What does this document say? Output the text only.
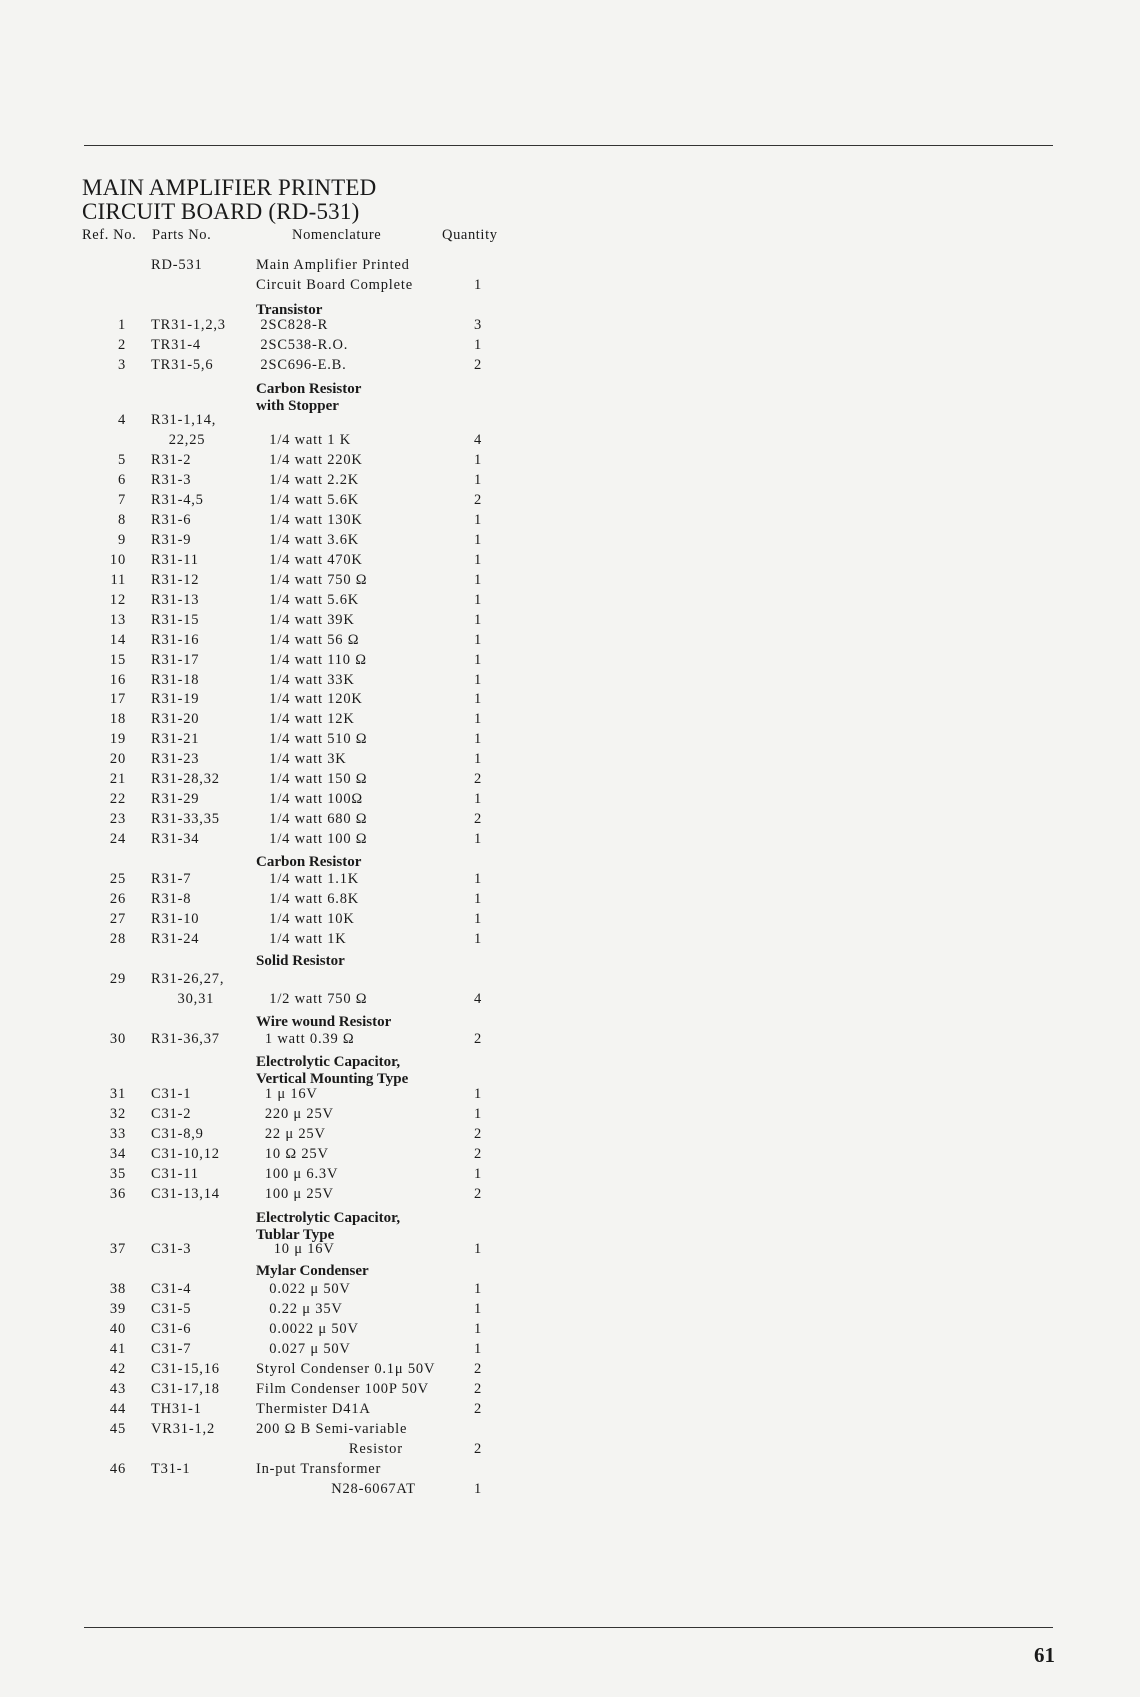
MAIN AMPLIFIER PRINTED
CIRCUIT BOARD (RD-531)
Ref. No. Parts No.	Nomenclature	Quantity
RD-531	Main Amplifier Printed
Circuit Board Complete	1
Transistor
1 TR31-1,2,3 2SC828-R	3
2 TR31-4	2SC538-R.O.	1
3 TR31-5,6	2SC696-E.B.	2
Carbon Resistor
with Stopper
4 R31-1,14,
22,25	1/4 watt 1 K	4
5 R31-2	1/4 watt 220K	1
6 R31-3	1/4 watt 2.2K	1
7 R31-4,5	1/4 watt 5.6K	2
8 R31-6	1/4 watt 130K	1
9 R31-9	1/4 watt 3.6K	1
10 R31-11	1/4 watt 470K	1
11 R31-12	1/4 watt 750 Ω	1
12 R31-13	1/4 watt 5.6K	1
13 R31-15	1/4 watt 39K	1
14 R31-16	1/4 watt 56 Ω	1
15 R31-17	1/4 watt 110 Ω	1
16 R31-18	1/4 watt 33K	1
17 R31-19	1/4 watt 120K	1
18 R31-20	1/4 watt 12K	1
19 R31-21	1/4 watt 510 Ω	1
20 R31-23	1/4 watt 3K	1
21 R31-28,32 1/4 watt 150 Ω	2
22 R31-29	1/4 watt 100Ω	1
23 R31-33,35 1/4 watt 680 Ω	2
24 R31-34	1/4 watt 100 Ω	1
Carbon Resistor
25 R31-7	1/4 watt 1.1K	1
26 R31-8	1/4 watt 6.8K	1
27 R31-10	1/4 watt 10K	1
28 R31-24	1/4 watt 1K	1
Solid Resistor
29 R31-26,27,
30,31	1/2 watt 750 Ω	4
Wire wound Resistor
30 R31-36,37 1 watt 0.39 Ω	2
Electrolytic Capacitor,
Vertical Mounting Type
31 C31-1	1 μ 16V	1
32 C31-2	220 μ 25V	1
33 C31-8,9	22 μ 25V	2
34 C31-10,12 10 Ω 25V	2
35 C31-11	100 μ 6.3V	1
36 C31-13,14 100 μ 25V	2
Electrolytic Capacitor,
Tublar Type
37 C31-3	10 μ 16V	1
Mylar Condenser
38 C31-4	0.022 μ 50V	1
39 C31-5	0.22 μ 35V	1
40 C31-6	0.0022 μ 50V	1
41 C31-7	0.027 μ 50V	1
42 C31-15,16 Styrol Condenser 0.1μ 50V	2
43 C31-17,18 Film Condenser 100P 50V	2
44 TH31-1	Thermister D41A	2
45 VR31-1,2	200 Ω B Semi-variable
Resistor	2
46 T31-1	In-put Transformer
N28-6067AT	1
61
